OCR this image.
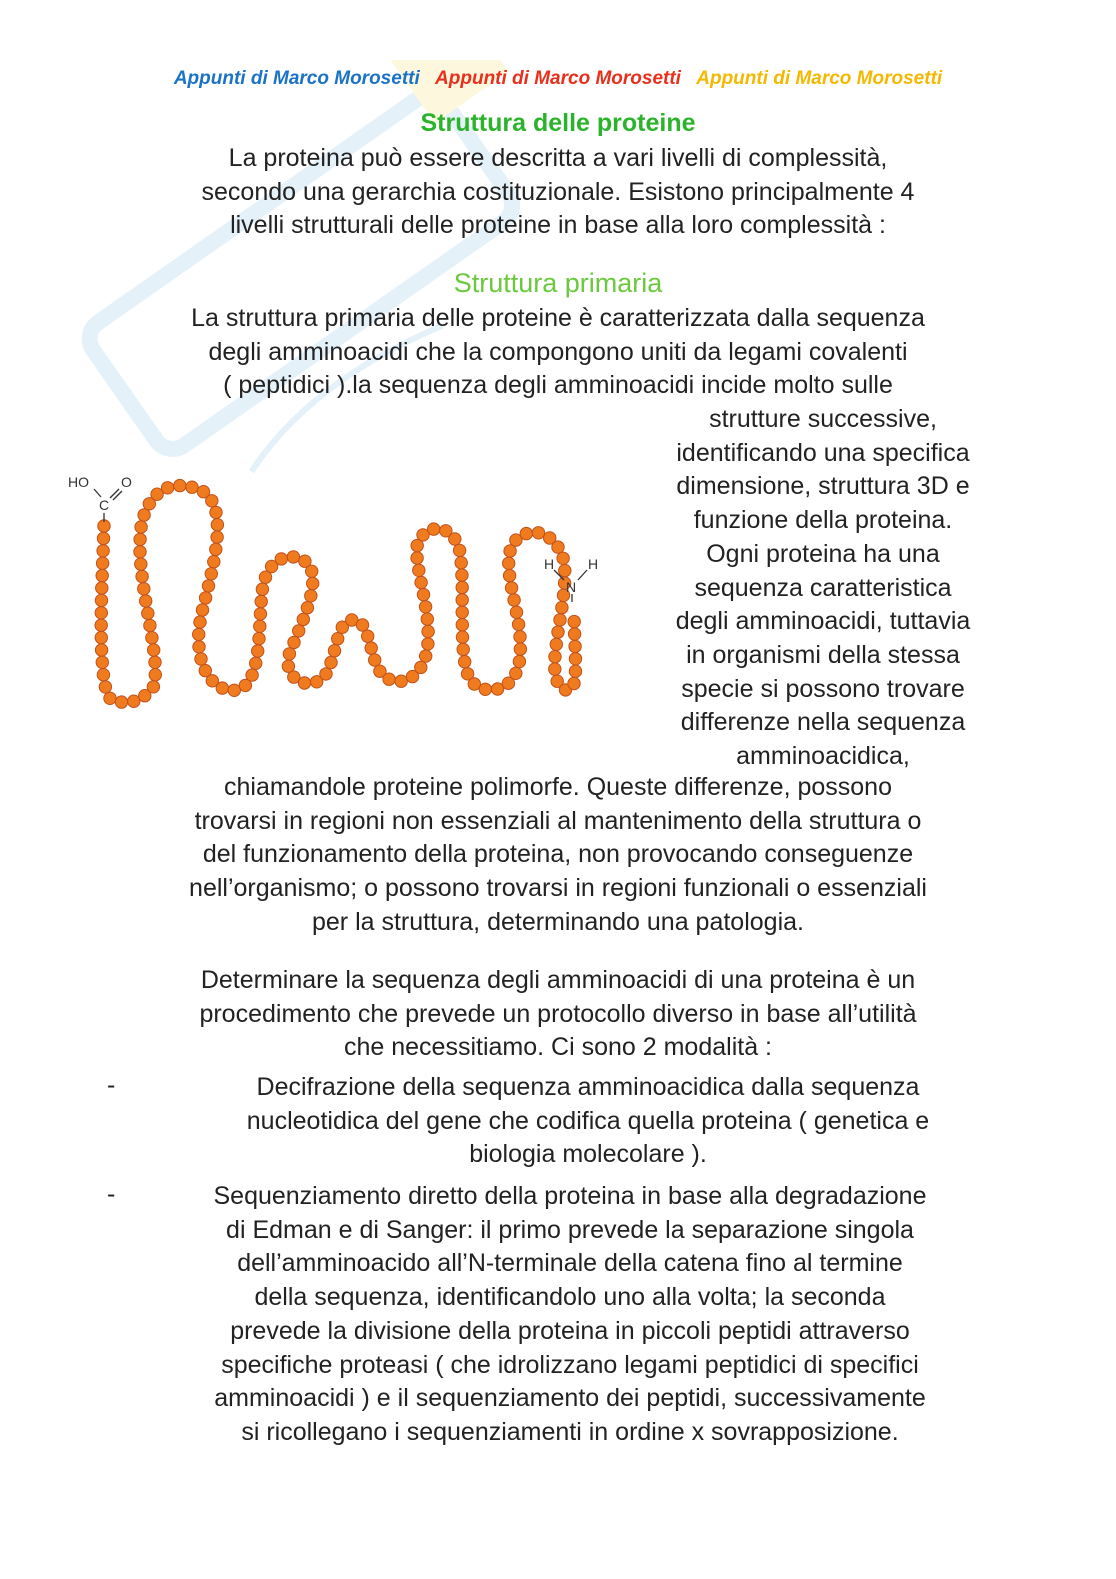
Appunti di Marco Morosetti Appunti di Marco Morosetti Appunti di Marco Morosetti
Struttura delle proteine
La proteina può essere descritta a vari livelli di complessità,
secondo una gerarchia costituzionale. Esistono principalmente 4
livelli strutturali delle proteine in base alla loro complessità :
Struttura primaria
La struttura primaria delle proteine è caratterizzata dalla sequenza
degli amminoacidi che la compongono uniti da legami covalenti
( peptidici ).la sequenza degli amminoacidi incide molto sulle
strutture successive,
identificando una specifica
dimensione, struttura 3D e
funzione della proteina.
Ogni proteina ha una
sequenza caratteristica
degli amminoacidi, tuttavia
in organismi della stessa
specie si possono trovare
differenze nella sequenza
amminoacidica,
HO
C
O
H
N
H
chiamandole proteine polimorfe. Queste differenze, possono
trovarsi in regioni non essenziali al mantenimento della struttura o
del funzionamento della proteina, non provocando conseguenze
nell’organismo; o possono trovarsi in regioni funzionali o essenziali
per la struttura, determinando una patologia.
Determinare la sequenza degli amminoacidi di una proteina è un
procedimento che prevede un protocollo diverso in base all’utilità
che necessitiamo. Ci sono 2 modalità :
-	Decifrazione della sequenza amminoacidica dalla sequenza
nucleotidica del gene che codifica quella proteina ( genetica e
biologia molecolare ).
-	Sequenziamento diretto della proteina in base alla degradazione
di Edman e di Sanger: il primo prevede la separazione singola
dell’amminoacido all’N-terminale della catena fino al termine
della sequenza, identificandolo uno alla volta; la seconda
prevede la divisione della proteina in piccoli peptidi attraverso
specifiche proteasi ( che idrolizzano legami peptidici di specifici
amminoacidi ) e il sequenziamento dei peptidi, successivamente
si ricollegano i sequenziamenti in ordine x sovrapposizione.
